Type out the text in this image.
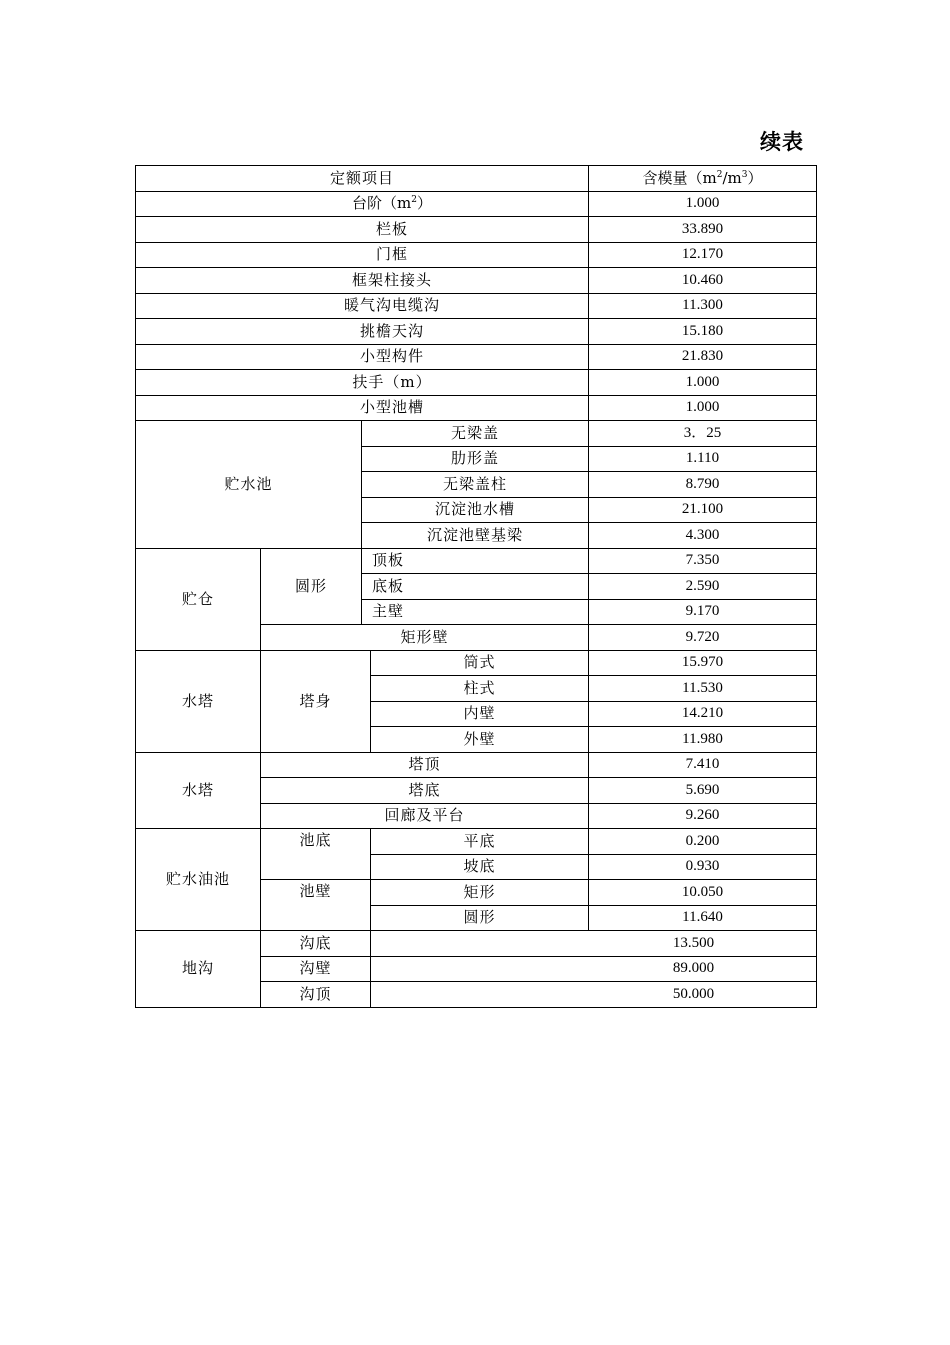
续表
定额项目				含模量$(m^2/m^3)$
台阶$(m^2)$				1.000
栏板				33.890
门框				12.170
框架柱接头				10.460
暖气沟电缆沟				11.300
挑檐天沟				15.180
小型构件				21.830
扶手（m）				1.000
小型池槽				1.000
贮水池		无梁盖		3．25
		肋形盖		1.110
		无梁盖柱		8.790
		沉淀池水槽		21.100
		沉淀池壁基梁		4.300
贮仓	圆形	顶板		7.350
		底板		2.590
		主壁		9.170
	矩形壁			9.720
水塔	塔身		筒式	15.970
			柱式	11.530
			内壁	14.210
			外壁	11.980
水塔	塔顶			7.410
	塔底			5.690
	回廊及平台			9.260
贮水油池	池底		平底	0.200
			坡底	0.930
	池壁		矩形	10.050
			圆形	11.640
地沟	沟底		13.500	
	沟壁		89.000	
	沟顶		50.000	
